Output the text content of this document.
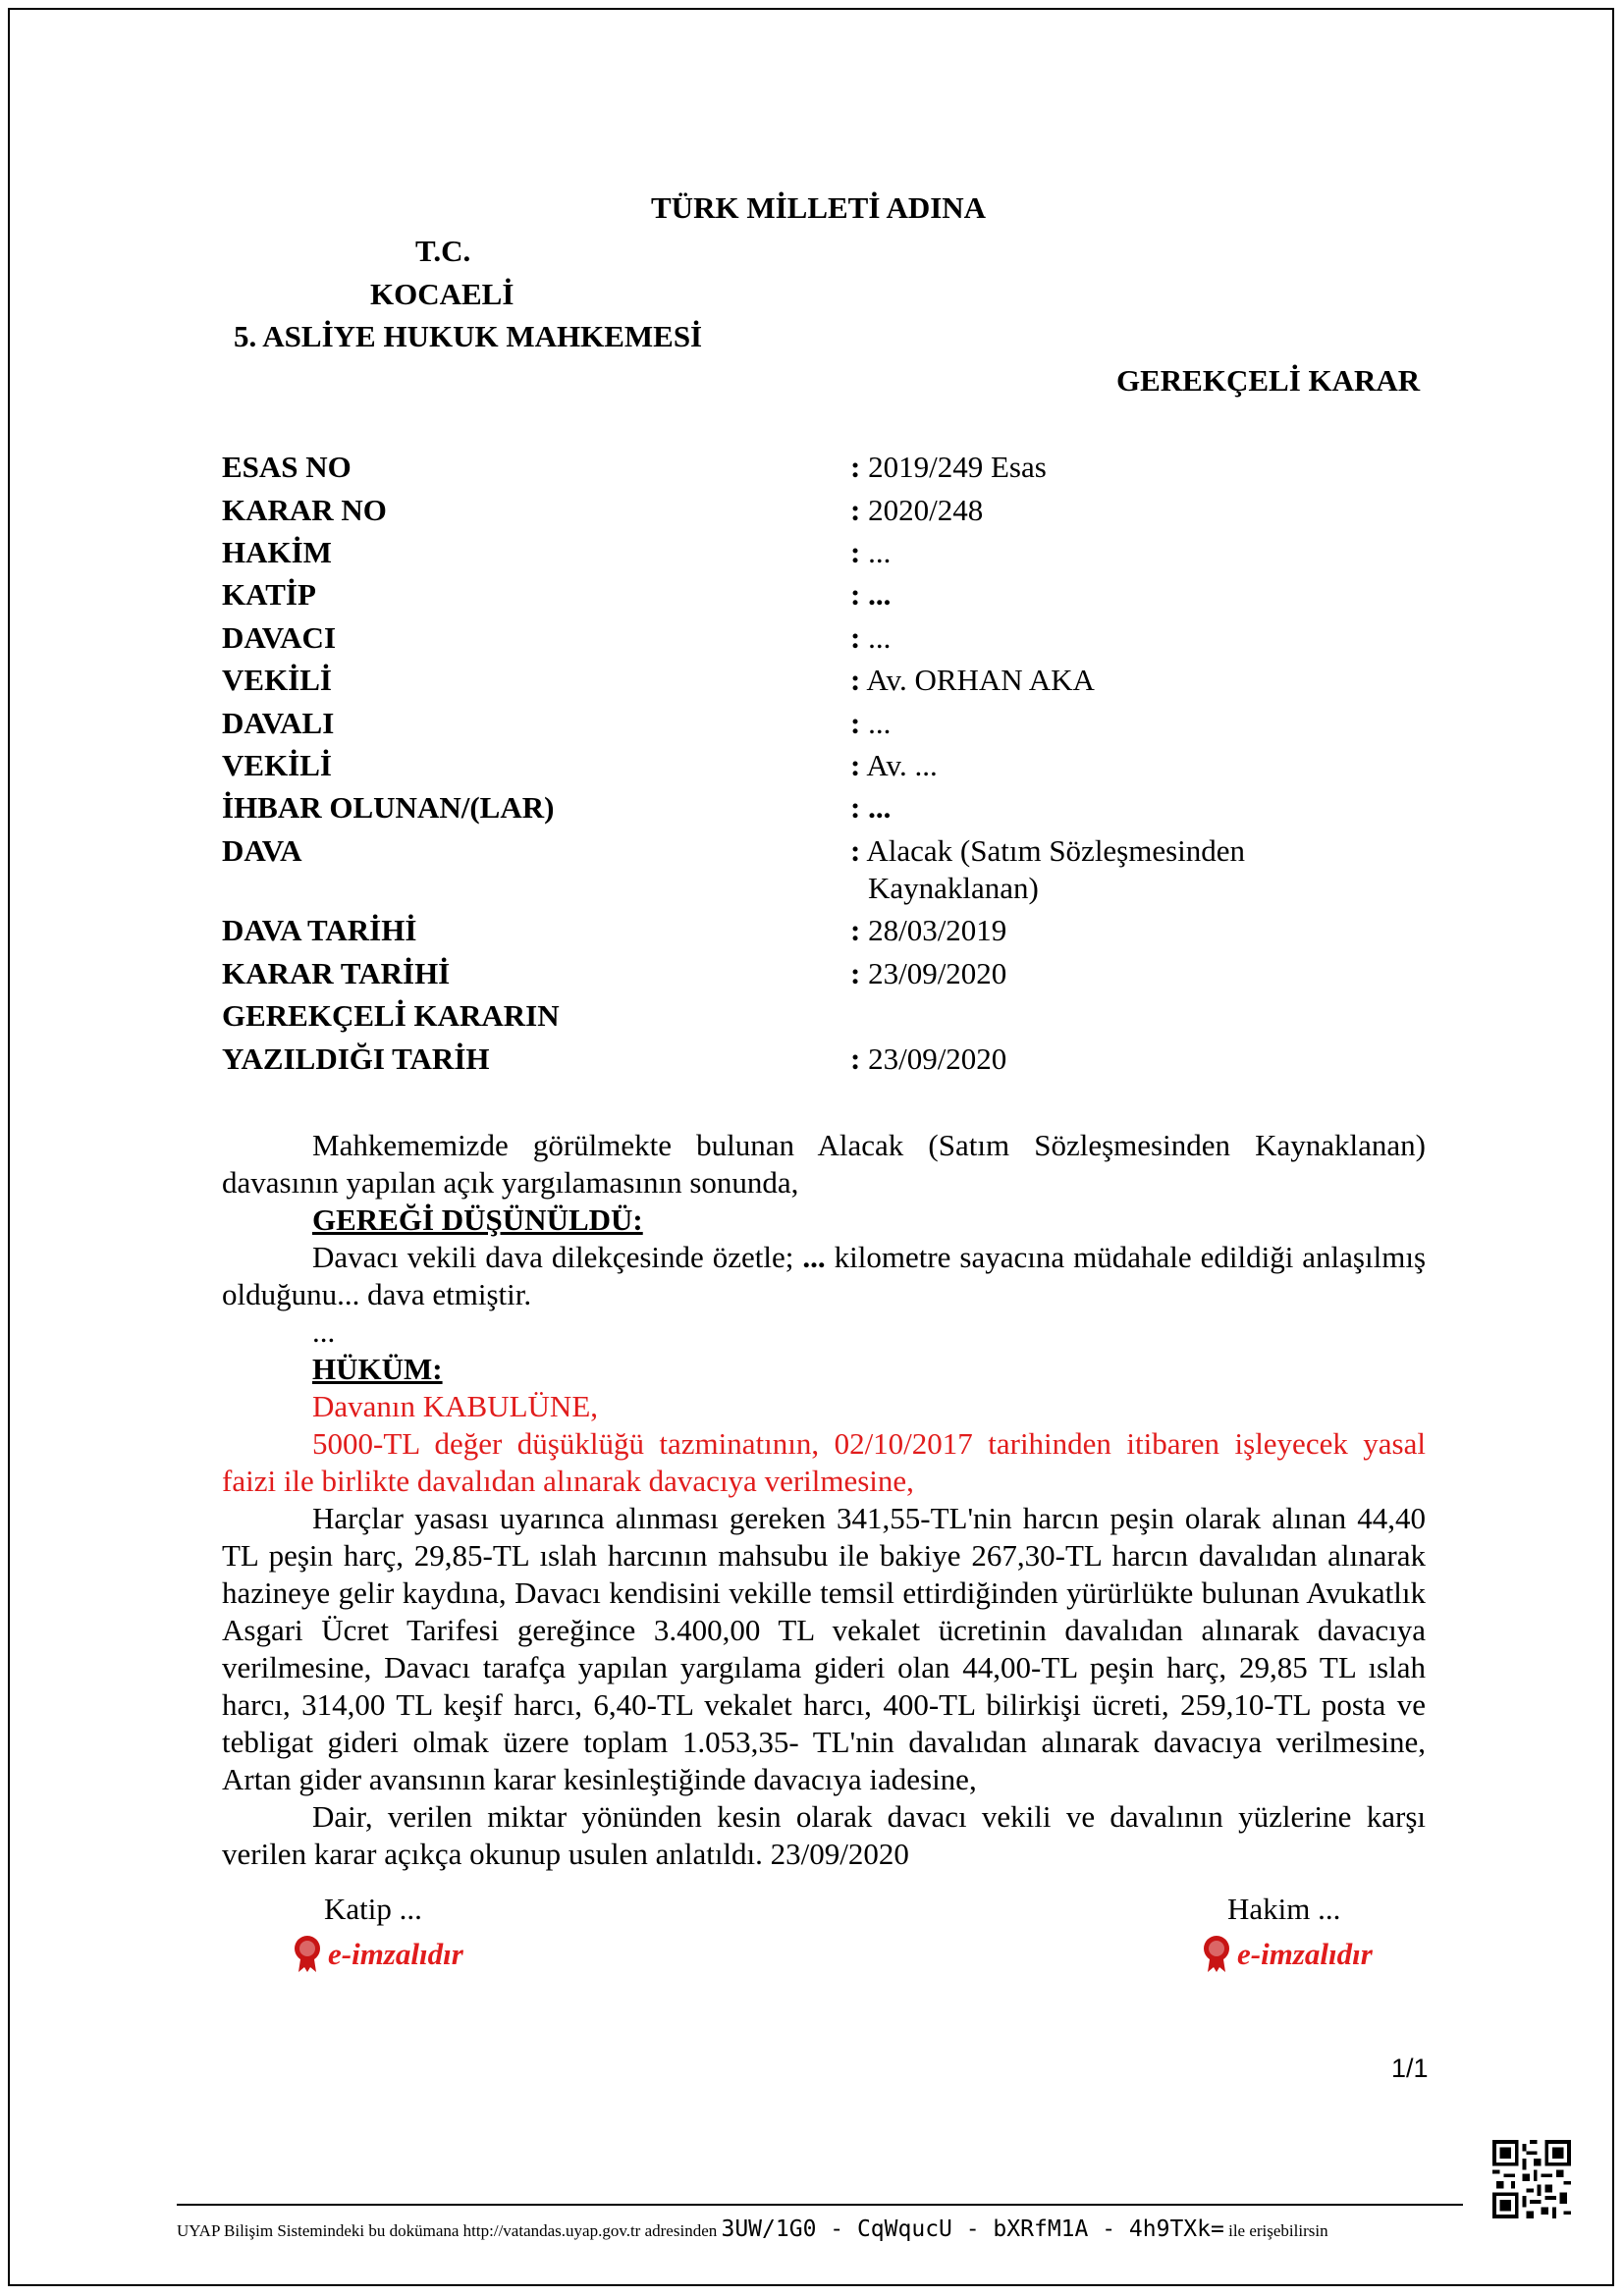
TÜRK MİLLETİ ADINA
T.C.
KOCAELİ
5. ASLİYE HUKUK MAHKEMESİ
GEREKÇELİ KARAR
ESAS NO	: 2019/249 Esas
KARAR NO	: 2020/248
HAKİM	: ...
KATİP	: ...
DAVACI	: ...
VEKİLİ	: Av. ORHAN AKA
DAVALI	: ...
VEKİLİ	: Av. ...
İHBAR OLUNAN/(LAR)	: ...
DAVA	: Alacak (Satım Sözleşmesinden
Kaynaklanan)
DAVA TARİHİ	: 28/03/2019
KARAR TARİHİ	: 23/09/2020
GEREKÇELİ KARARIN
YAZILDIĞI TARİH	: 23/09/2020

Mahkememizde görülmekte bulunan Alacak (Satım Sözleşmesinden Kaynaklanan) davasının yapılan açık yargılamasının sonunda,

GEREĞİ DÜŞÜNÜLDÜ:

Davacı vekili dava dilekçesinde özetle; ... kilometre sayacına müdahale edildiği anlaşılmış olduğunu... dava etmiştir.

...

HÜKÜM:

Davanın KABULÜNE,

5000-TL değer düşüklüğü tazminatının, 02/10/2017 tarihinden itibaren işleyecek yasal faizi ile birlikte davalıdan alınarak davacıya verilmesine,

Harçlar yasası uyarınca alınması gereken 341,55-TL'nin harcın peşin olarak alınan 44,40 TL peşin harç, 29,85-TL ıslah harcının mahsubu ile bakiye 267,30-TL harcın davalıdan alınarak hazineye gelir kaydına, Davacı kendisini vekille temsil ettirdiğinden yürürlükte bulunan Avukatlık Asgari Ücret Tarifesi gereğince 3.400,00 TL vekalet ücretinin davalıdan alınarak davacıya verilmesine, Davacı tarafça yapılan yargılama gideri olan 44,00-TL peşin harç, 29,85 TL ıslah harcı, 314,00 TL keşif harcı, 6,40-TL vekalet harcı, 400-TL bilirkişi ücreti, 259,10-TL posta ve tebligat gideri olmak üzere toplam 1.053,35- TL'nin davalıdan alınarak davacıya verilmesine, Artan gider avansının karar kesinleştiğinde davacıya iadesine,

Dair, verilen miktar yönünden kesin olarak davacı vekili ve davalının yüzlerine karşı verilen karar açıkça okunup usulen anlatıldı. 23/09/2020

Katip ...	Hakim ...
e-imzalıdır	e-imzalıdır
1/1
UYAP Bilişim Sistemindeki bu dokümana http://vatandas.uyap.gov.tr adresinden 3UW/1G0 - CqWqucU - bXRfM1A - 4h9TXk= ile erişebilirsin
